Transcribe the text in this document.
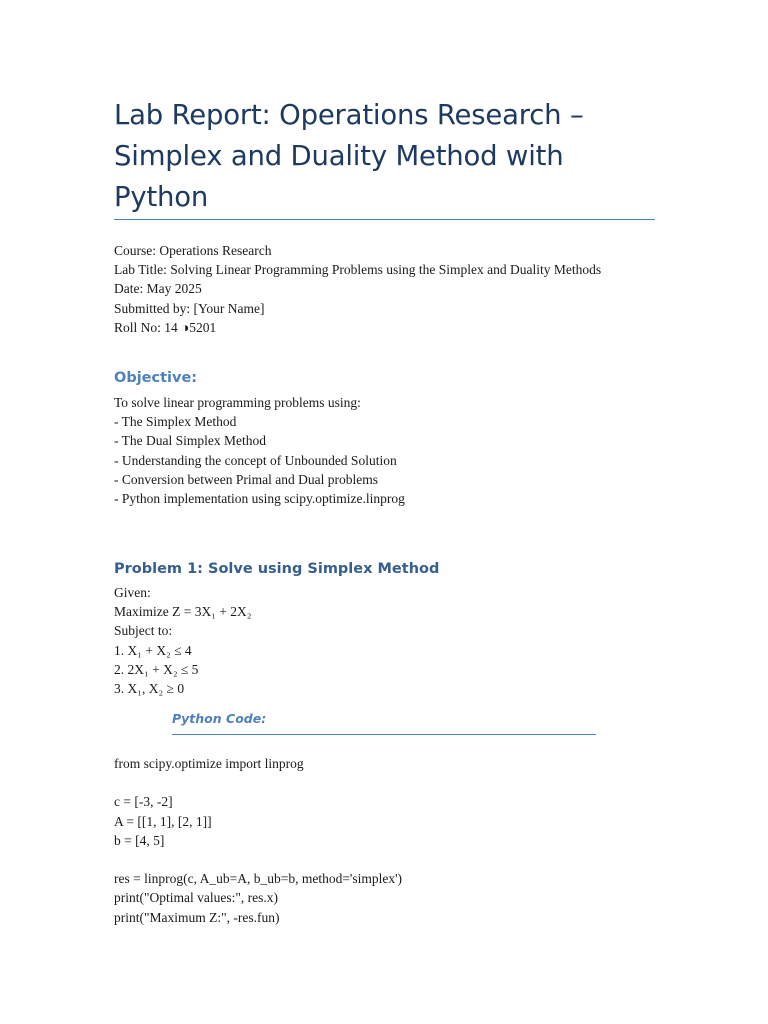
Lab Report: Operations Research – Simplex and Duality Method with Python
Course: Operations Research
Lab Title: Solving Linear Programming Problems using the Simplex and Duality Methods
Date: May 2025
Submitted by: [Your Name]
Roll No: 14 ◑5201
Objective:
To solve linear programming problems using:
- The Simplex Method
- The Dual Simplex Method
- Understanding the concept of Unbounded Solution
- Conversion between Primal and Dual problems
- Python implementation using scipy.optimize.linprog
Problem 1: Solve using Simplex Method
Given:
Maximize Z = 3X₁ + 2X₂
Subject to:
1. X₁ + X₂ ≤ 4
2. 2X₁ + X₂ ≤ 5
3. X₁, X₂ ≥ 0
Python Code:
from scipy.optimize import linprog
c = [-3, -2]
A = [[1, 1], [2, 1]]
b = [4, 5]
res = linprog(c, A_ub=A, b_ub=b, method='simplex')
print("Optimal values:", res.x)
print("Maximum Z:", -res.fun)
